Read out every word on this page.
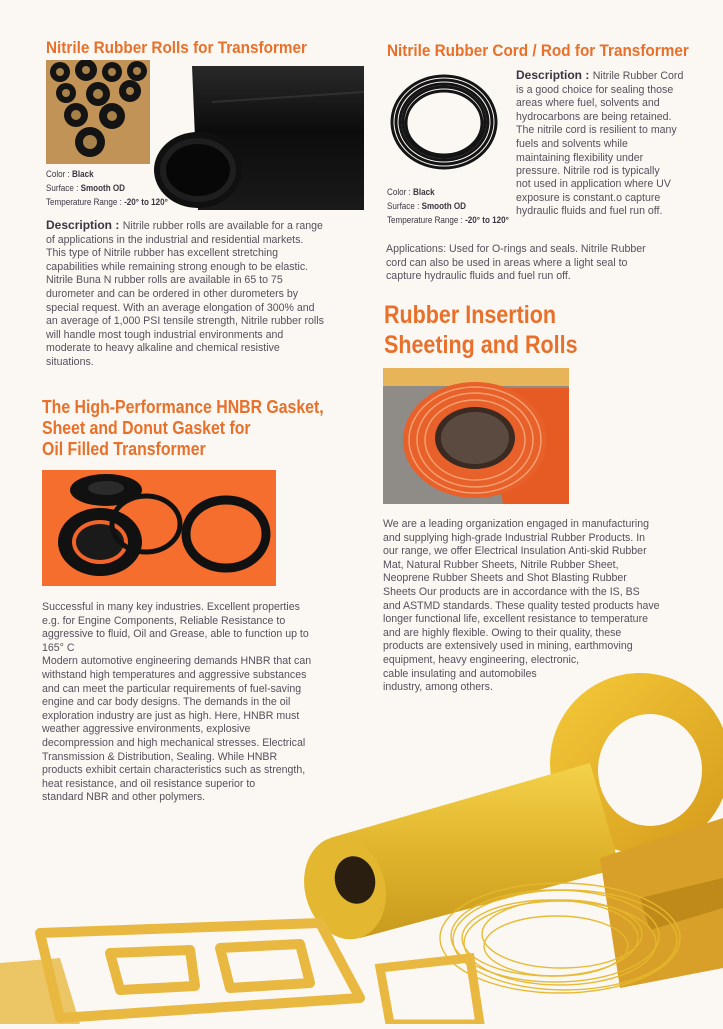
Nitrile Rubber Rolls for Transformer
Color : Black
Surface : Smooth OD
Temperature Range : -20° to 120°
Description : Nitrile rubber rolls are available for a range
of applications in the industrial and residential markets.
This type of Nitrile rubber has excellent stretching
capabilities while remaining strong enough to be elastic.
Nitrile Buna N rubber rolls are available in 65 to 75
durometer and can be ordered in other durometers by
special request. With an average elongation of 300% and
an average of 1,000 PSI tensile strength, Nitrile rubber rolls
will handle most tough industrial environments and
moderate to heavy alkaline and chemical resistive
situations.
The High-Performance HNBR Gasket,
Sheet and Donut Gasket for
Oil Filled Transformer
Successful in many key industries. Excellent properties
e.g. for Engine Components, Reliable Resistance to
aggressive to fluid, Oil and Grease, able to function up to
165° C
Modern automotive engineering demands HNBR that can
withstand high temperatures and aggressive substances
and can meet the particular requirements of fuel-saving
engine and car body designs. The demands in the oil
exploration industry are just as high. Here, HNBR must
weather aggressive environments, explosive
decompression and high mechanical stresses. Electrical
Transmission & Distribution, Sealing. While HNBR
products exhibit certain characteristics such as strength,
heat resistance, and oil resistance superior to
standard NBR and other polymers.
Nitrile Rubber Cord / Rod for Transformer
Description : Nitrile Rubber Cord
is a good choice for sealing those
areas where fuel, solvents and
hydrocarbons are being retained.
The nitrile cord is resilient to many
fuels and solvents while
maintaining flexibility under
pressure. Nitrile rod is typically
not used in application where UV
exposure is constant.o capture
hydraulic fluids and fuel run off.
Color : Black
Surface : Smooth OD
Temperature Range : -20° to 120°
Applications: Used for O-rings and seals. Nitrile Rubber
cord can also be used in areas where a light seal to
capture hydraulic fluids and fuel run off.
Rubber Insertion
Sheeting and Rolls
We are a leading organization engaged in manufacturing
and supplying high-grade Industrial Rubber Products. In
our range, we offer Electrical Insulation Anti-skid Rubber
Mat, Natural Rubber Sheets, Nitrile Rubber Sheet,
Neoprene Rubber Sheets and Shot Blasting Rubber
Sheets Our products are in accordance with the IS, BS
and ASTMD standards. These quality tested products have
longer functional life, excellent resistance to temperature
and are highly flexible. Owing to their quality, these
products are extensively used in mining, earthmoving
equipment, heavy engineering, electronic,
cable insulating and automobiles
industry, among others.
